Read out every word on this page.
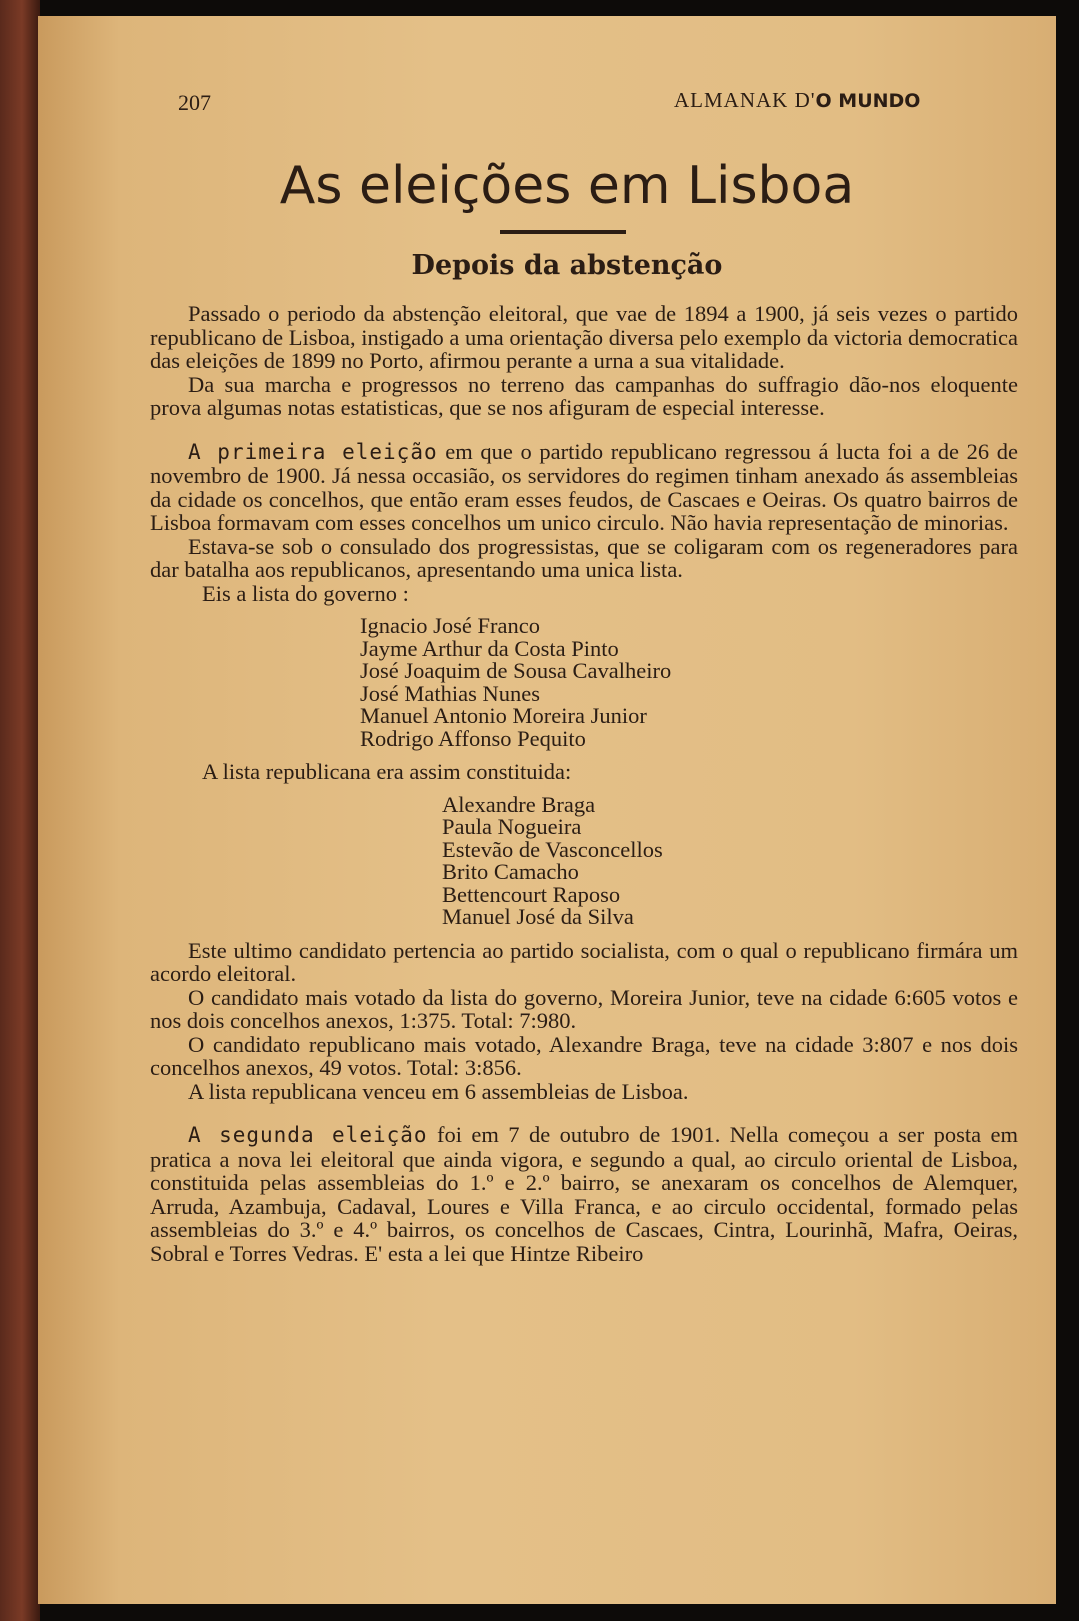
207	ALMANAK D'O MUNDO
As eleições em Lisboa
Depois da abstenção

Passado o periodo da abstenção eleitoral, que vae de 1894 a 1900, já seis vezes o partido republicano de Lisboa, instigado a uma orientação diversa pelo exemplo da victoria democratica das eleições de 1899 no Porto, afirmou perante a urna a sua vitalidade.

Da sua marcha e progressos no terreno das campanhas do suffragio dão-nos eloquente prova algumas notas estatisticas, que se nos afiguram de especial interesse.

A primeira eleição em que o partido republicano regressou á lucta foi a de 26 de novembro de 1900. Já nessa occasião, os servidores do regimen tinham anexado ás assembleias da cidade os concelhos, que então eram esses feudos, de Cascaes e Oeiras. Os quatro bairros de Lisboa formavam com esses concelhos um unico circulo. Não havia representação de minorias.

Estava-se sob o consulado dos progressistas, que se coligaram com os regeneradores para dar batalha aos republicanos, apresentando uma unica lista.

Eis a lista do governo :

Ignacio José Franco
Jayme Arthur da Costa Pinto
José Joaquim de Sousa Cavalheiro
José Mathias Nunes
Manuel Antonio Moreira Junior
Rodrigo Affonso Pequito

A lista republicana era assim constituida:

Alexandre Braga
Paula Nogueira
Estevão de Vasconcellos
Brito Camacho
Bettencourt Raposo
Manuel José da Silva

Este ultimo candidato pertencia ao partido socialista, com o qual o republicano firmára um acordo eleitoral.

O candidato mais votado da lista do governo, Moreira Junior, teve na cidade 6:605 votos e nos dois concelhos anexos, 1:375. Total: 7:980.

O candidato republicano mais votado, Alexandre Braga, teve na cidade 3:807 e nos dois concelhos anexos, 49 votos. Total: 3:856.

A lista republicana venceu em 6 assembleias de Lisboa.

A segunda eleição foi em 7 de outubro de 1901. Nella começou a ser posta em pratica a nova lei eleitoral que ainda vigora, e segundo a qual, ao circulo oriental de Lisboa, constituida pelas assembleias do 1.º e 2.º bairro, se anexaram os concelhos de Alemquer, Arruda, Azambuja, Cadaval, Loures e Villa Franca, e ao circulo occidental, formado pelas assembleias do 3.º e 4.º bairros, os concelhos de Cascaes, Cintra, Lourinhã, Mafra, Oeiras, Sobral e Torres Vedras. E' esta a lei que Hintze Ribeiro
